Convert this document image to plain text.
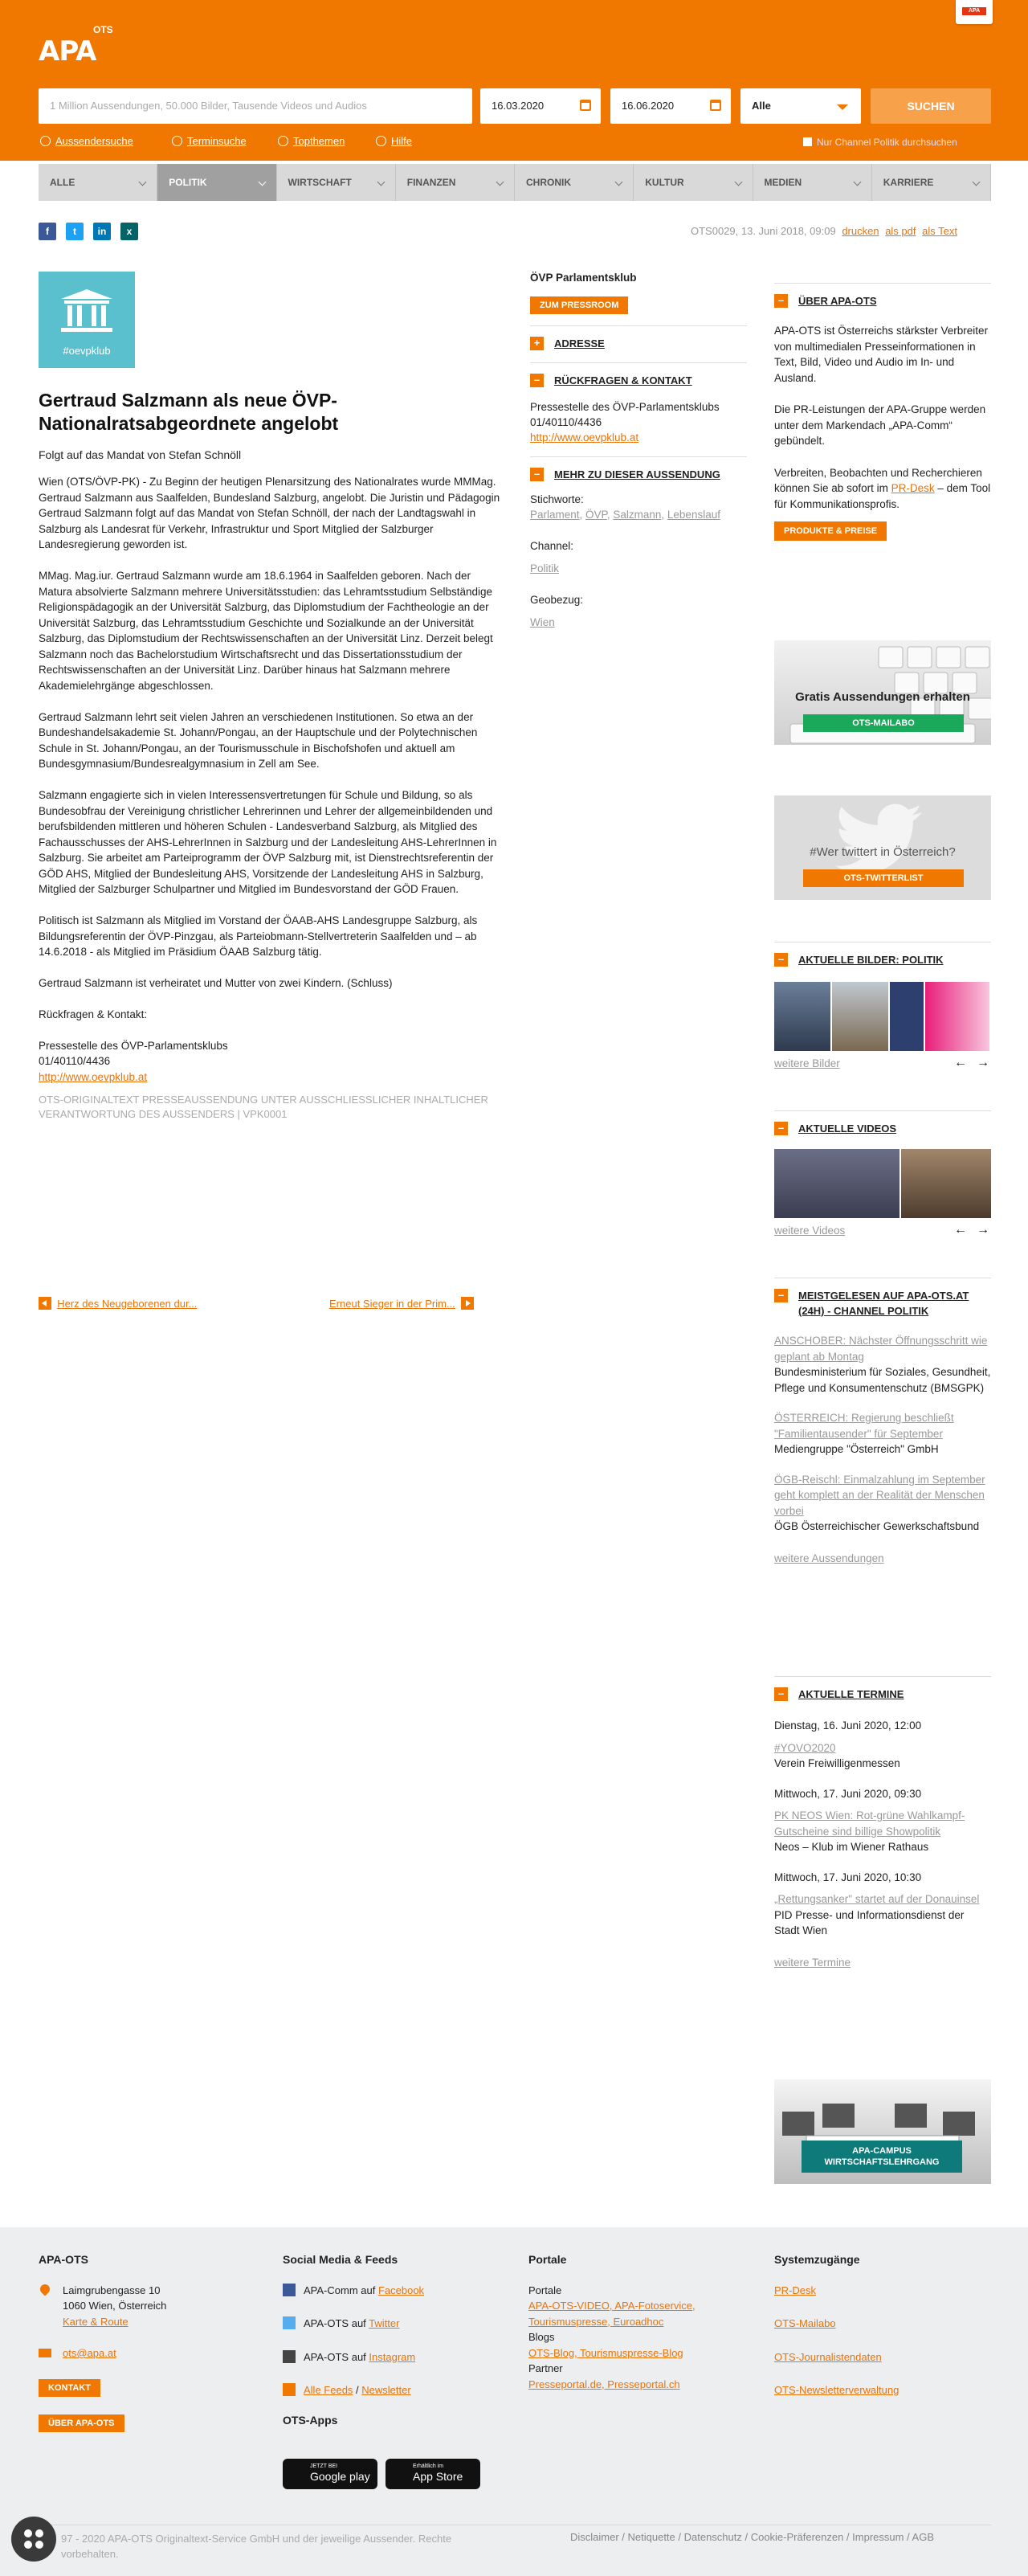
OTS
APA
APA
1 Million Aussendungen, 50.000 Bilder, Tausende Videos und Audios	16.03.2020	16.06.2020	Alle	SUCHEN
Aussendersuche	Terminsuche	Topthemen	Hilfe	Nur Channel Politik durchsuchen
ALLE	POLITIK	WIRTSCHAFT	FINANZEN	CHRONIK	KULTUR	MEDIEN	KARRIERE
f	t	in	x	OTS0029, 13. Juni 2018, 09:09 drucken als pdf als Text
#oevpklub
Gertraud Salzmann als neue ÖVP-Nationalratsabgeordnete angelobt
Folgt auf das Mandat von Stefan Schnöll

Wien (OTS/ÖVP-PK) - Zu Beginn der heutigen Plenarsitzung des Nationalrates wurde MMMag. Gertraud Salzmann aus Saalfelden, Bundesland Salzburg, angelobt. Die Juristin und Pädagogin Gertraud Salzmann folgt auf das Mandat von Stefan Schnöll, der nach der Landtagswahl in Salzburg als Landesrat für Verkehr, Infrastruktur und Sport Mitglied der Salzburger Landesregierung geworden ist.

MMag. Mag.iur. Gertraud Salzmann wurde am 18.6.1964 in Saalfelden geboren. Nach der Matura absolvierte Salzmann mehrere Universitätsstudien: das Lehramtsstudium Selbständige Religionspädagogik an der Universität Salzburg, das Diplomstudium der Fachtheologie an der Universität Salzburg, das Lehramtsstudium Geschichte und Sozialkunde an der Universität Salzburg, das Diplomstudium der Rechtswissenschaften an der Universität Linz. Derzeit belegt Salzmann noch das Bachelorstudium Wirtschaftsrecht und das Dissertationsstudium der Rechtswissenschaften an der Universität Linz. Darüber hinaus hat Salzmann mehrere Akademielehrgänge abgeschlossen.

Gertraud Salzmann lehrt seit vielen Jahren an verschiedenen Institutionen. So etwa an der Bundeshandelsakademie St. Johann/Pongau, an der Hauptschule und der Polytechnischen Schule in St. Johann/Pongau, an der Tourismusschule in Bischofshofen und aktuell am Bundesgymnasium/Bundesrealgymnasium in Zell am See.

Salzmann engagierte sich in vielen Interessensvertretungen für Schule und Bildung, so als Bundesobfrau der Vereinigung christlicher Lehrerinnen und Lehrer der allgemeinbildenden und berufsbildenden mittleren und höheren Schulen - Landesverband Salzburg, als Mitglied des Fachausschusses der AHS-LehrerInnen in Salzburg und der Landesleitung AHS-LehrerInnen in Salzburg. Sie arbeitet am Parteiprogramm der ÖVP Salzburg mit, ist Dienstrechtsreferentin der GÖD AHS, Mitglied der Bundesleitung AHS, Vorsitzende der Landesleitung AHS in Salzburg, Mitglied der Salzburger Schulpartner und Mitglied im Bundesvorstand der GÖD Frauen.

Politisch ist Salzmann als Mitglied im Vorstand der ÖAAB-AHS Landesgruppe Salzburg, als Bildungsreferentin der ÖVP-Pinzgau, als Parteiobmann-Stellvertreterin Saalfelden und – ab 14.6.2018 - als Mitglied im Präsidium ÖAAB Salzburg tätig.

Gertraud Salzmann ist verheiratet und Mutter von zwei Kindern. (Schluss)

Rückfragen & Kontakt:
Pressestelle des ÖVP-Parlamentsklubs
01/40110/4436
http://www.oevpklub.at
OTS-ORIGINALTEXT PRESSEAUSSENDUNG UNTER AUSSCHLIESSLICHER INHALTLICHER VERANTWORTUNG DES AUSSENDERS | VPK0001
Herz des Neugeborenen dur...	Erneut Sieger in der Prim...
ÖVP Parlamentsklub
ZUM PRESSROOM
+	ADRESSE
–	RÜCKFRAGEN & KONTAKT
Pressestelle des ÖVP-Parlamentsklubs
01/40110/4436
http://www.oevpklub.at
–	MEHR ZU DIESER AUSSENDUNG
Stichworte:
Parlament, ÖVP, Salzmann, Lebenslauf
Channel:
Politik
Geobezug:
Wien
–	ÜBER APA-OTS

APA-OTS ist Österreichs stärkster Verbreiter von multimedialen Presseinformationen in Text, Bild, Video und Audio im In- und Ausland.

Die PR-Leistungen der APA-Gruppe werden unter dem Markendach „APA-Comm“ gebündelt.

Verbreiten, Beobachten und Recherchieren können Sie ab sofort im PR-Desk – dem Tool für Kommunikationsprofis.

PRODUKTE & PREISE
Gratis Aussendungen erhalten
OTS-MAILABO
#Wer twittert in Österreich?
OTS-TWITTERLIST
–	AKTUELLE BILDER: POLITIK
weitere Bilder	← →
–	AKTUELLE VIDEOS
weitere Videos	← →
–	MEISTGELESEN AUF APA-OTS.AT (24H) - CHANNEL POLITIK
ANSCHOBER: Nächster Öffnungsschritt wie geplant ab Montag
Bundesministerium für Soziales, Gesundheit, Pflege und Konsumentenschutz (BMSGPK)
ÖSTERREICH: Regierung beschließt "Familientausender" für September
Mediengruppe "Österreich" GmbH
ÖGB-Reischl: Einmalzahlung im September geht komplett an der Realität der Menschen vorbei
ÖGB Österreichischer Gewerkschaftsbund
weitere Aussendungen
–	AKTUELLE TERMINE
Dienstag, 16. Juni 2020, 12:00
#YOVO2020
Verein Freiwilligenmessen
Mittwoch, 17. Juni 2020, 09:30
PK NEOS Wien: Rot-grüne Wahlkampf-Gutscheine sind billige Showpolitik
Neos – Klub im Wiener Rathaus
Mittwoch, 17. Juni 2020, 10:30
„Rettungsanker" startet auf der Donauinsel
PID Presse- und Informationsdienst der Stadt Wien
weitere Termine
APA-CAMPUS WIRTSCHAFTSLEHRGANG
APA-OTS
Laimgrubengasse 10
1060 Wien, Österreich
Karte & Route
ots@apa.at
KONTAKT
ÜBER APA-OTS
Social Media & Feeds
APA-Comm auf Facebook
APA-OTS auf Twitter
APA-OTS auf Instagram
Alle Feeds / Newsletter
OTS-Apps
JETZT BEI
Google play
Erhältlich im
App Store
Portale
Portale
APA-OTS-VIDEO, APA-Fotoservice, Tourismuspresse, Euroadhoc
Blogs
OTS-Blog, Tourismuspresse-Blog
Partner
Presseportal.de, Presseportal.ch
Systemzugänge
PR-Desk
OTS-Mailabo
OTS-Journalistendaten
OTS-Newsletterverwaltung
97 - 2020 APA-OTS Originaltext-Service GmbH und der jeweilige Aussender. Rechte vorbehalten.
Disclaimer / Netiquette / Datenschutz / Cookie-Präferenzen / Impressum / AGB
